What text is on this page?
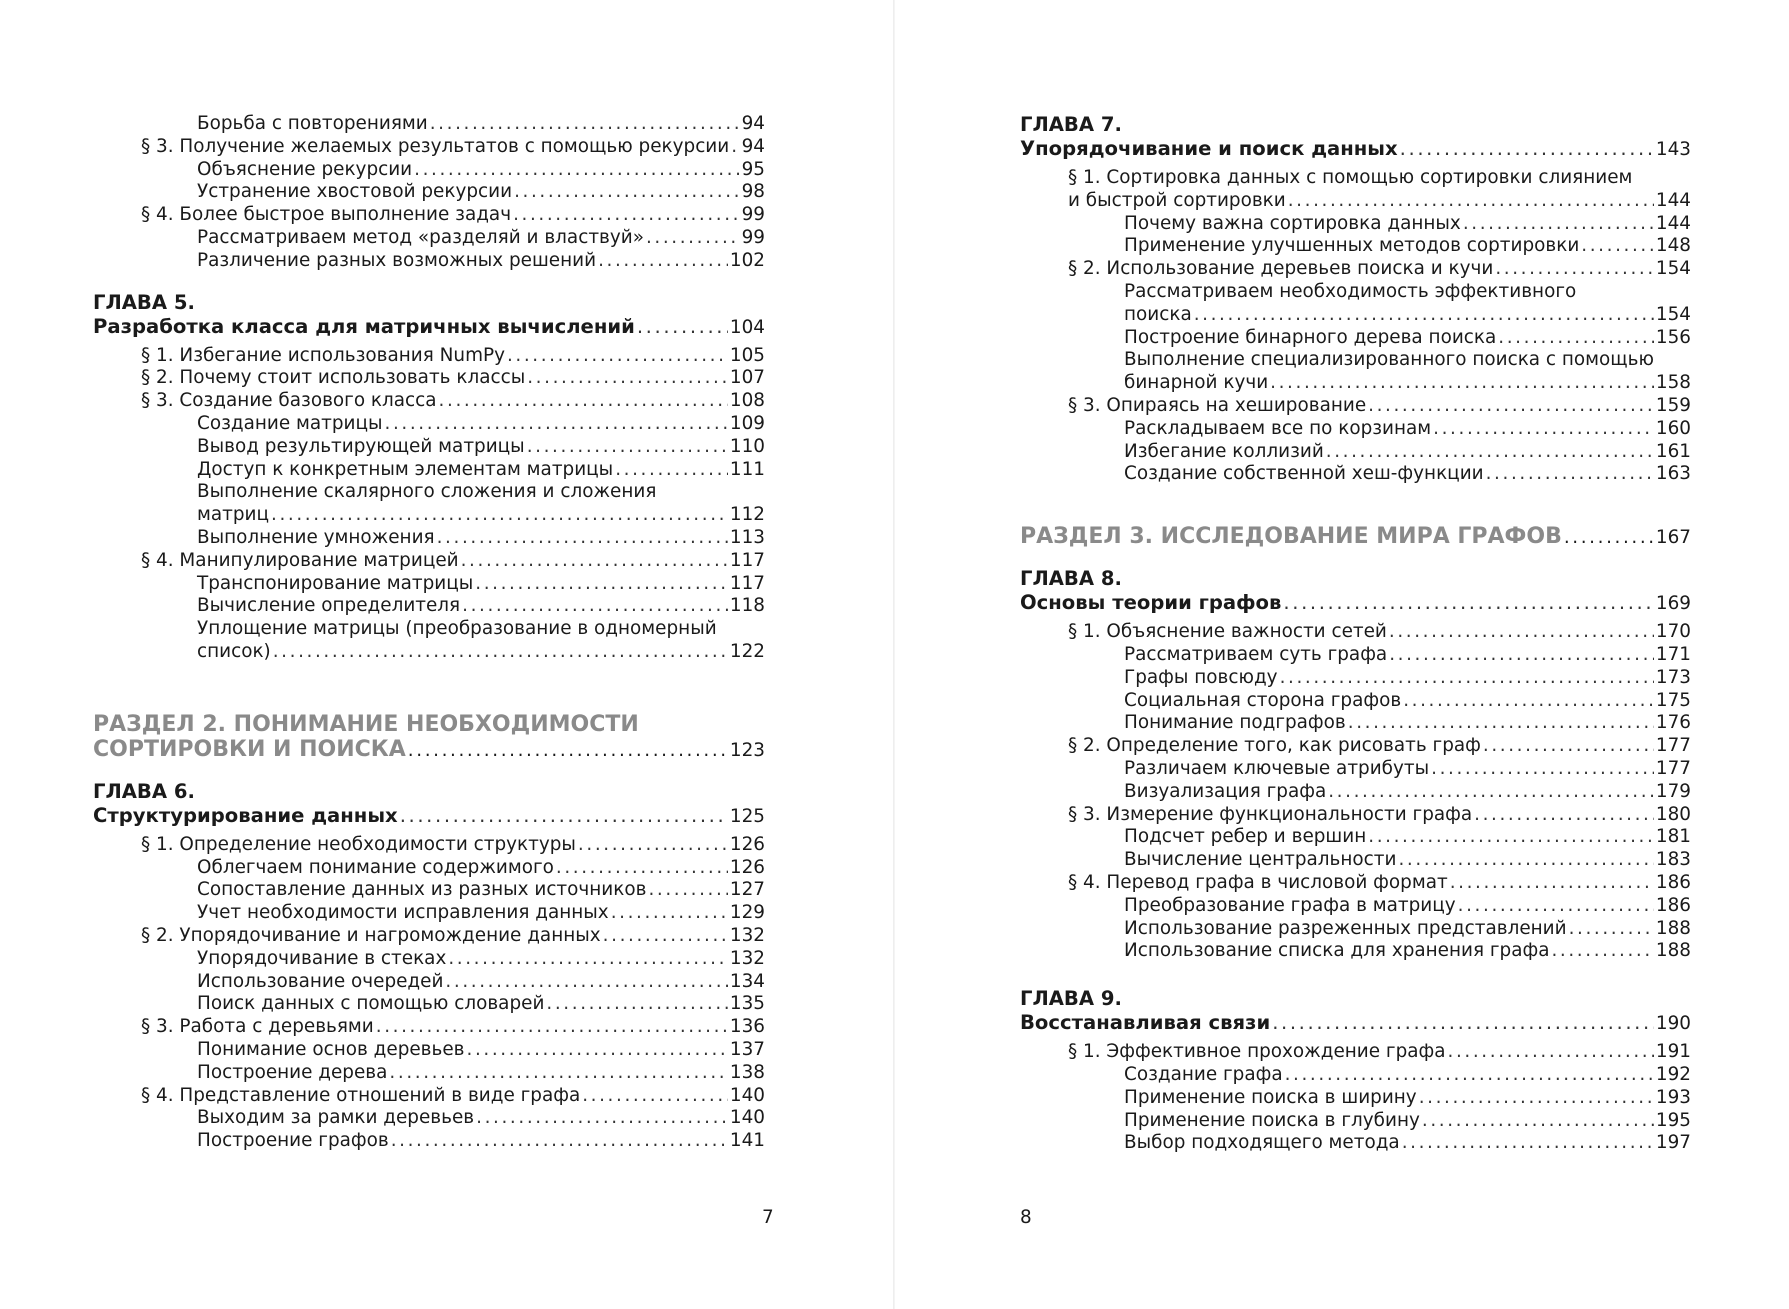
Борьба с повторениями .....	94
§ 3. Получение желаемых результатов с помощью рекурсии ..... 94
Объяснение рекурсии .....	95
Устранение хвостовой рекурсии .....	98
§ 4. Более быстрое выполнение задач .....	99
Рассматриваем метод «разделяй и властвуй» .....	99
Различение разных возможных решений .....	102
ГЛАВА 5.
Разработка класса для матричных вычислений .....	104
§ 1. Избегание использования NumPy .....	105
§ 2. Почему стоит использовать классы .....	107
§ 3. Создание базового класса .....	108
Создание матрицы .....	109
Вывод результирующей матрицы .....	110
Доступ к конкретным элементам матрицы .....	111
Выполнение скалярного сложения и сложения
матриц .....	112
Выполнение умножения .....	113
§ 4. Манипулирование матрицей .....	117
Транспонирование матрицы .....	117
Вычисление определителя .....	118
Уплощение матрицы (преобразование в одномерный
список) .....	122
РАЗДЕЛ 2. ПОНИМАНИЕ НЕОБХОДИМОСТИ
СОРТИРОВКИ И ПОИСКА .....	123
ГЛАВА 6.
Структурирование данных .....	125
§ 1. Определение необходимости структуры .....	126
Облегчаем понимание содержимого .....	126
Сопоставление данных из разных источников .....	127
Учет необходимости исправления данных .....	129
§ 2. Упорядочивание и нагромождение данных .....	132
Упорядочивание в стеках .....	132
Использование очередей .....	134
Поиск данных с помощью словарей .....	135
§ 3. Работа с деревьями .....	136
Понимание основ деревьев .....	137
Построение дерева .....	138
§ 4. Представление отношений в виде графа .....	140
Выходим за рамки деревьев .....	140
Построение графов .....	141
7
ГЛАВА 7.
Упорядочивание и поиск данных .....	143
§ 1. Сортировка данных с помощью сортировки слиянием
и быстрой сортировки .....	144
Почему важна сортировка данных .....	144
Применение улучшенных методов сортировки .....	148
§ 2. Использование деревьев поиска и кучи .....	154
Рассматриваем необходимость эффективного
поиска .....	154
Построение бинарного дерева поиска .....	156
Выполнение специализированного поиска с помощью
бинарной кучи .....	158
§ 3. Опираясь на хеширование .....	159
Раскладываем все по корзинам .....	160
Избегание коллизий .....	161
Создание собственной хеш-функции .....	163
РАЗДЕЛ 3. ИССЛЕДОВАНИЕ МИРА ГРАФОВ .....	167
ГЛАВА 8.
Основы теории графов .....	169
§ 1. Объяснение важности сетей .....	170
Рассматриваем суть графа .....	171
Графы повсюду .....	173
Социальная сторона графов .....	175
Понимание подграфов .....	176
§ 2. Определение того, как рисовать граф .....	177
Различаем ключевые атрибуты .....	177
Визуализация графа .....	179
§ 3. Измерение функциональности графа .....	180
Подсчет ребер и вершин .....	181
Вычисление центральности .....	183
§ 4. Перевод графа в числовой формат .....	186
Преобразование графа в матрицу .....	186
Использование разреженных представлений .....	188
Использование списка для хранения графа .....	188
ГЛАВА 9.
Восстанавливая связи .....	190
§ 1. Эффективное прохождение графа .....	191
Создание графа .....	192
Применение поиска в ширину .....	193
Применение поиска в глубину .....	195
Выбор подходящего метода .....	197
8
